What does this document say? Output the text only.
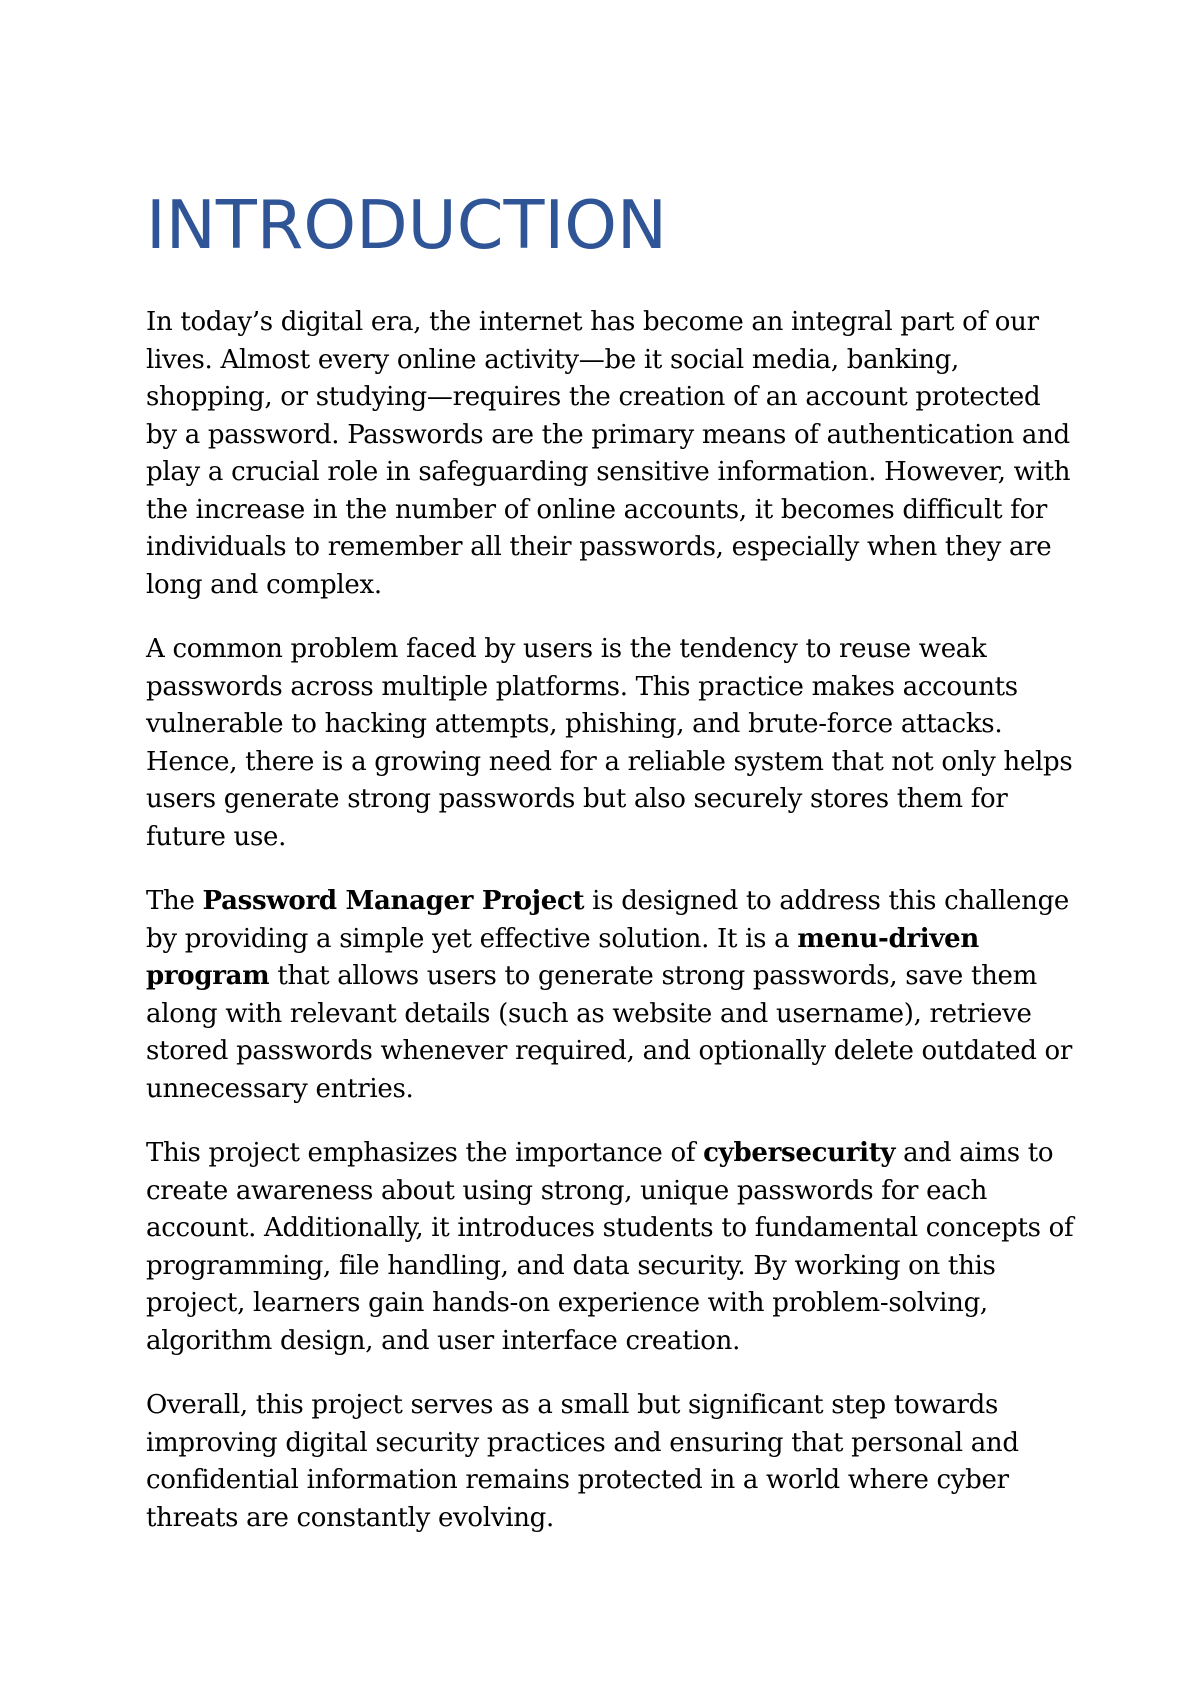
INTRODUCTION

In today’s digital era, the internet has become an integral part of our lives. Almost every online activity—be it social media, banking, shopping, or studying—requires the creation of an account protected by a password. Passwords are the primary means of authentication and play a crucial role in safeguarding sensitive information. However, with the increase in the number of online accounts, it becomes difficult for individuals to remember all their passwords, especially when they are long and complex.

A common problem faced by users is the tendency to reuse weak passwords across multiple platforms. This practice makes accounts vulnerable to hacking attempts, phishing, and brute-force attacks. Hence, there is a growing need for a reliable system that not only helps users generate strong passwords but also securely stores them for future use.

The Password Manager Project is designed to address this challenge by providing a simple yet effective solution. It is a menu-driven program that allows users to generate strong passwords, save them along with relevant details (such as website and username), retrieve stored passwords whenever required, and optionally delete outdated or unnecessary entries.

This project emphasizes the importance of cybersecurity and aims to create awareness about using strong, unique passwords for each account. Additionally, it introduces students to fundamental concepts of programming, file handling, and data security. By working on this project, learners gain hands-on experience with problem-solving, algorithm design, and user interface creation.

Overall, this project serves as a small but significant step towards improving digital security practices and ensuring that personal and confidential information remains protected in a world where cyber threats are constantly evolving.
